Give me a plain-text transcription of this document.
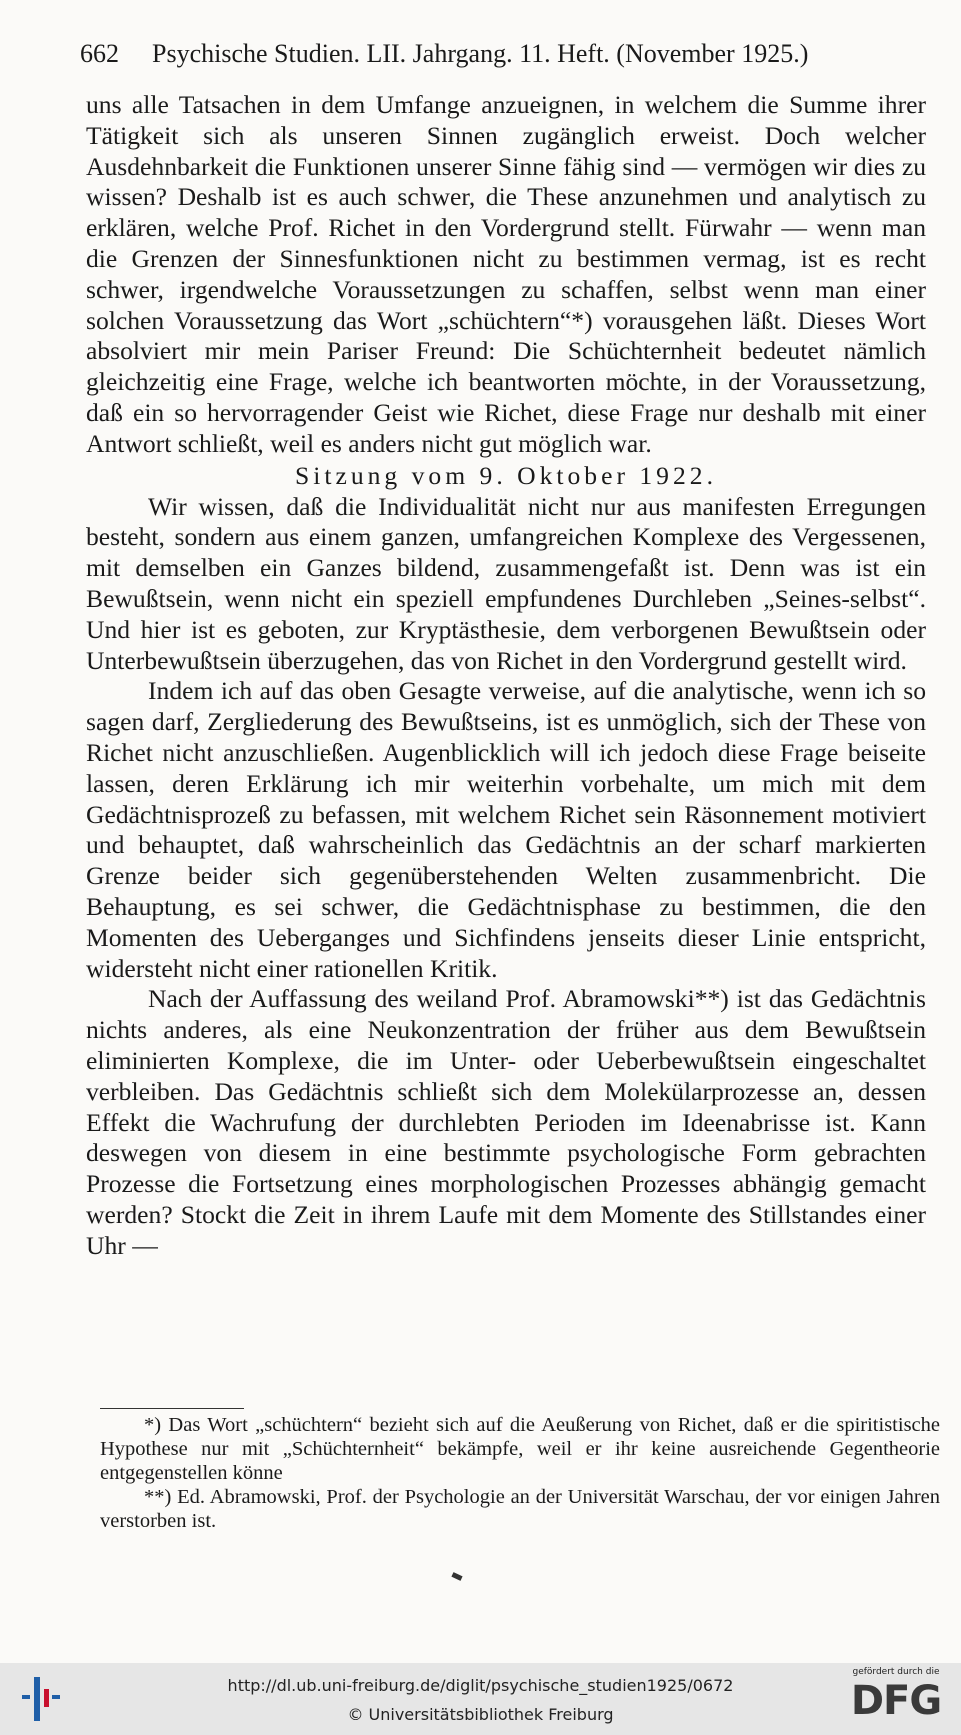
662 Psychische Studien. LII. Jahrgang. 11. Heft. (November 1925.)

uns alle Tatsachen in dem Umfange anzueignen, in welchem die Summe ihrer Tätigkeit sich als unseren Sinnen zugänglich erweist. Doch welcher Ausdehnbarkeit die Funktionen unserer Sinne fähig sind — vermögen wir dies zu wissen? Deshalb ist es auch schwer, die These anzunehmen und analytisch zu erklären, welche Prof. Richet in den Vordergrund stellt. Fürwahr — wenn man die Grenzen der Sinnesfunktionen nicht zu bestimmen vermag, ist es recht schwer, irgendwelche Voraussetzungen zu schaffen, selbst wenn man einer solchen Voraussetzung das Wort „schüchtern“*) vorausgehen läßt. Dieses Wort absolviert mir mein Pariser Freund: Die Schüchternheit bedeutet nämlich gleichzeitig eine Frage, welche ich beantworten möchte, in der Voraussetzung, daß ein so hervorragender Geist wie Richet, diese Frage nur deshalb mit einer Antwort schließt, weil es anders nicht gut möglich war.

Sitzung vom 9. Oktober 1922.

Wir wissen, daß die Individualität nicht nur aus manifesten Erregungen besteht, sondern aus einem ganzen, umfangreichen Komplexe des Vergessenen, mit demselben ein Ganzes bildend, zusammengefaßt ist. Denn was ist ein Bewußtsein, wenn nicht ein speziell empfundenes Durchleben „Seines-selbst“. Und hier ist es geboten, zur Kryptästhesie, dem verborgenen Bewußtsein oder Unterbewußtsein überzugehen, das von Richet in den Vordergrund gestellt wird.

Indem ich auf das oben Gesagte verweise, auf die analytische, wenn ich so sagen darf, Zergliederung des Bewußtseins, ist es unmöglich, sich der These von Richet nicht anzuschließen. Augenblicklich will ich jedoch diese Frage beiseite lassen, deren Erklärung ich mir weiterhin vorbehalte, um mich mit dem Gedächtnisprozeß zu befassen, mit welchem Richet sein Räsonnement motiviert und behauptet, daß wahrscheinlich das Gedächtnis an der scharf markierten Grenze beider sich gegenüberstehenden Welten zusammenbricht. Die Behauptung, es sei schwer, die Gedächtnisphase zu bestimmen, die den Momenten des Ueberganges und Sichfindens jenseits dieser Linie entspricht, widersteht nicht einer rationellen Kritik.

Nach der Auffassung des weiland Prof. Abramowski**) ist das Gedächtnis nichts anderes, als eine Neukonzentration der früher aus dem Bewußtsein eliminierten Komplexe, die im Unter- oder Ueberbewußtsein eingeschaltet verbleiben. Das Gedächtnis schließt sich dem Molekülarprozesse an, dessen Effekt die Wachrufung der durchlebten Perioden im Ideenabrisse ist. Kann deswegen von diesem in eine bestimmte psychologische Form gebrachten Prozesse die Fortsetzung eines morphologischen Prozesses abhängig gemacht werden? Stockt die Zeit in ihrem Laufe mit dem Momente des Stillstandes einer Uhr —

*) Das Wort „schüchtern“ bezieht sich auf die Aeußerung von Richet, daß er die spiritistische Hypothese nur mit „Schüchternheit“ bekämpfe, weil er ihr keine ausreichende Gegentheorie entgegenstellen könne

**) Ed. Abramowski, Prof. der Psychologie an der Universität Warschau, der vor einigen Jahren verstorben ist.

http://dl.ub.uni-freiburg.de/diglit/psychische_studien1925/0672
© Universitätsbibliothek Freiburg
gefördert durch die
DFG
